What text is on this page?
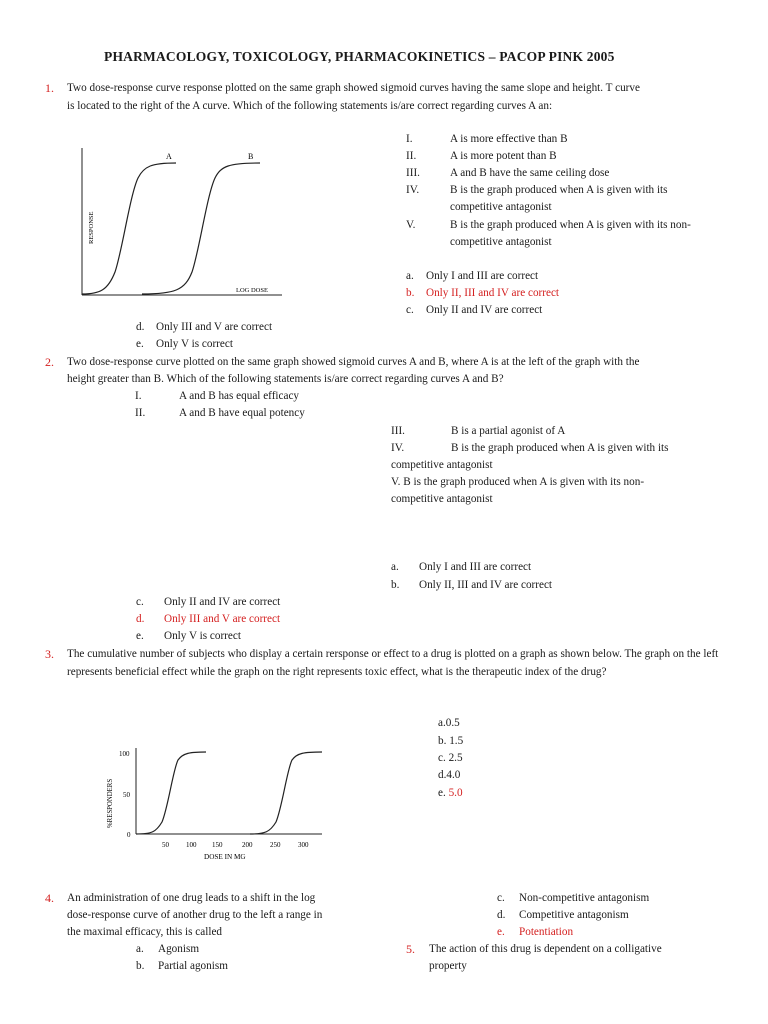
PHARMACOLOGY, TOXICOLOGY, PHARMACOKINETICS – PACOP PINK 2005
1. Two dose-response curve response plotted on the same graph showed sigmoid curves having the same slope and height. T curve
is located to the right of the A curve. Which of the following statements is/are correct regarding curves A an:
I.	A is more effective than B
II.	A is more potent than B
III.	A and B have the same ceiling dose
IV.	B is the graph produced when A is given with its
competitive antagonist
V.	B is the graph produced when A is given with its non-
competitive antagonist
a. Only I and III are correct
b. Only II, III and IV are correct
c. Only II and IV are correct
d. Only III and V are correct
e. Only V is correct
A	B
RESPONSE
LOG DOSE
2. Two dose-response curve plotted on the same graph showed sigmoid curves A and B, where A is at the left of the graph with the
height greater than B. Which of the following statements is/are correct regarding curves A and B?
I.	A and B has equal efficacy
II.	A and B have equal potency
III.	B is a partial agonist of A
IV.	B is the graph produced when A is given with its
competitive antagonist
V. B is the graph produced when A is given with its non-
competitive antagonist
a. Only I and III are correct
b. Only II, III and IV are correct
c. Only II and IV are correct
d. Only III and V are correct
e. Only V is correct
3. The cumulative number of subjects who display a certain rersponse or effect to a drug is plotted on a graph as shown below. The graph on the left represents beneficial effect while the graph on the right represents toxic effect, what is the therapeutic index of the drug?
a.0.5
b. 1.5
c. 2.5
d.4.0
e. 5.0
100
50
0
%RESPONDERS
50 100 150	200	250	300
DOSE IN MG
4. An administration of one drug leads to a shift in the log
dose-response curve of another drug to the left a range in
the maximal efficacy, this is called
a. Agonism
b. Partial agonism
c. Non-competitive antagonism
d. Competitive antagonism
e. Potentiation
5. The action of this drug is dependent on a colligative
property
